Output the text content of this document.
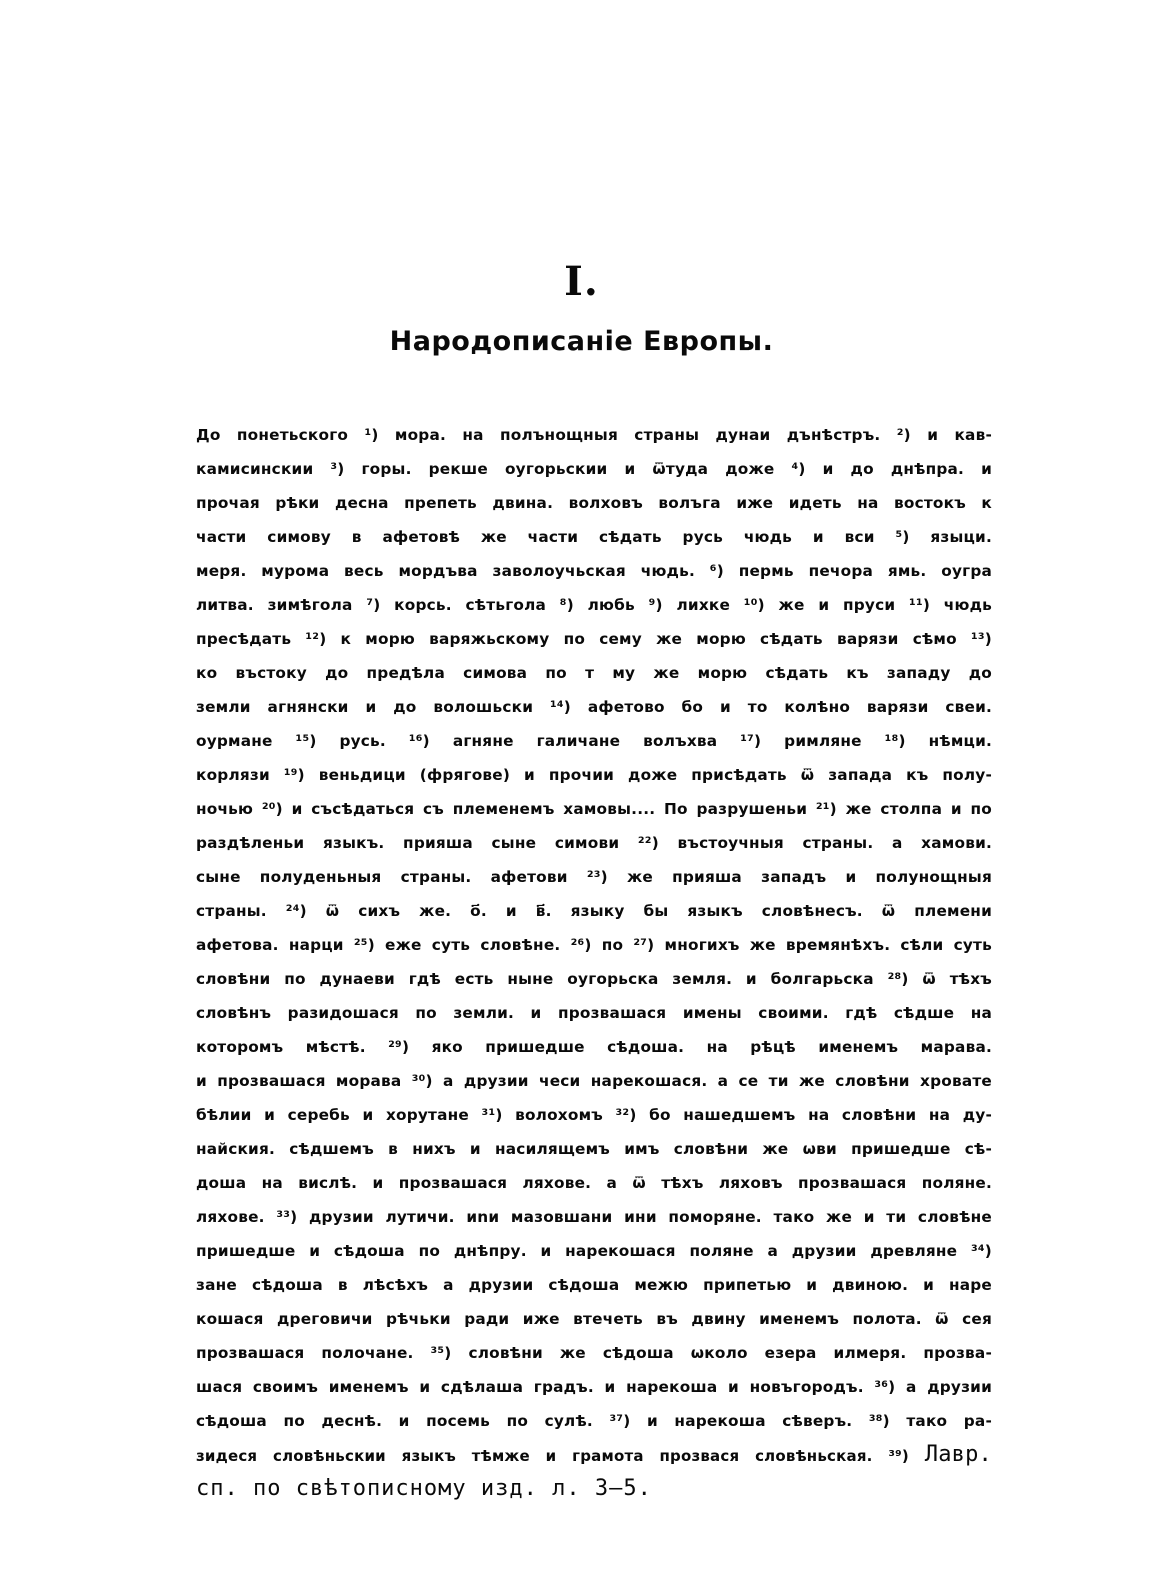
I.
Народописаніе Европы.
До понетьского ¹) мора. на полънощныя страны дунаи дънѣстръ. ²) и кав-
камисинскии ³) горы. рекше оугорьскии и ѿтуда доже ⁴) и до днѣпра. и
прочая рѣки десна препеть двина. волховъ волъга иже идеть на востокъ к
части симову в афетовѣ же части сѣдать русь чюдь и вси ⁵) языци.
меря. мурома весь мордъва заволоучьская чюдь. ⁶) пермь печора ямь. оугра
литва. зимѣгола ⁷) корсь. сѣтьгола ⁸) любь ⁹) лихке ¹⁰) же и пруси ¹¹) чюдь
пресѣдать ¹²) к морю варяжьскому по сему же морю сѣдать варязи сѣмо ¹³)
ко въстоку до предѣла симова по т му же морю сѣдать къ западу до
земли агнянски и до волошьски ¹⁴) афетово бо и то колѣно варязи свеи.
оурмане ¹⁵) русь. ¹⁶) агняне галичане волъхва ¹⁷) римляне ¹⁸) нѣмци.
корлязи ¹⁹) веньдици (фрягове) и прочии доже присѣдать ѿ запада къ полу-
ночью ²⁰) и съсѣдаться съ племенемъ хамовы.... По разрушеньи ²¹) же столпа и по
раздѣленьи языкъ. прияша сыне симови ²²) въстоучныя страны. а хамови.
сыне полуденьныя страны. афетови ²³) же прияша западъ и полунощныя
страны. ²⁴) ѿ сихъ же. о҃. и в҃. языку бы языкъ словѣнесъ. ѿ племени
афетова. нарци ²⁵) еже суть словѣне. ²⁶) по ²⁷) многихъ же времянѣхъ. сѣли суть
словѣни по дунаеви гдѣ есть ныне оугорьска земля. и болгарьска ²⁸) ѿ тѣхъ
словѣнъ разидошася по земли. и прозвашася имены своими. гдѣ сѣдше на
которомъ мѣстѣ. ²⁹) яко пришедше сѣдоша. на рѣцѣ именемъ марава.
и прозвашася морава ³⁰) а друзии чеси нарекошася. а се ти же словѣни хровате
бѣлии и серебь и хорутане ³¹) волохомъ ³²) бо нашедшемъ на словѣни на ду-
найския. сѣдшемъ в нихъ и насилящемъ имъ словѣни же ѡви пришедше сѣ-
доша на вислѣ. и прозвашася ляхове. а ѿ тѣхъ ляховъ прозвашася поляне.
ляхове. ³³) друзии лутичи. иnи мазовшани ини поморяне. тако же и ти словѣне
пришедше и сѣдоша по днѣпру. и нарекошася поляне а друзии древляне ³⁴)
зане сѣдоша в лѣсѣхъ а друзии сѣдоша межю припетью и двиною. и наре
кошася дреговичи рѣчьки ради иже втечеть въ двину именемъ полота. ѿ сея
прозвашася полочане. ³⁵) словѣни же сѣдоша ѡколо езера илмеря. прозва-
шася своимъ именемъ и сдѣлаша градъ. и нарекоша и новъгородъ. ³⁶) а друзии
сѣдоша по деснѣ. и посемь по сулѣ. ³⁷) и нарекоша сѣверъ. ³⁸) тако ра-
зидеся словѣньскии языкъ тѣмже и грамота прозвася словѣньская. ³⁹) Лавр.
сп. по свѣтописному изд. л. 3—5.
